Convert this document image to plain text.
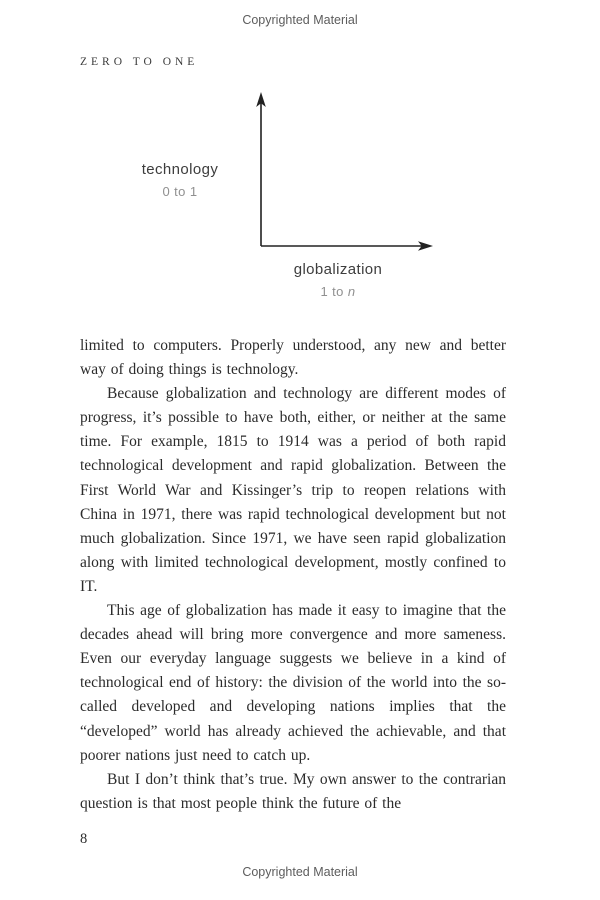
Copyrighted Material
ZERO TO ONE
technology
0 to 1
globalization
1 to n

limited to computers. Properly understood, any new and better way of doing things is technology.

Because globalization and technology are different modes of progress, it’s possible to have both, either, or neither at the same time. For example, 1815 to 1914 was a period of both rapid technological development and rapid globalization. Between the First World War and Kissinger’s trip to reopen relations with China in 1971, there was rapid technological development but not much globalization. Since 1971, we have seen rapid globalization along with limited technological development, mostly confined to IT.

This age of globalization has made it easy to imagine that the decades ahead will bring more convergence and more sameness. Even our everyday language suggests we believe in a kind of technological end of history: the division of the world into the so-called developed and developing nations implies that the “developed” world has already achieved the achievable, and that poorer nations just need to catch up.

But I don’t think that’s true. My own answer to the contrarian question is that most people think the future of the

8
Copyrighted Material
